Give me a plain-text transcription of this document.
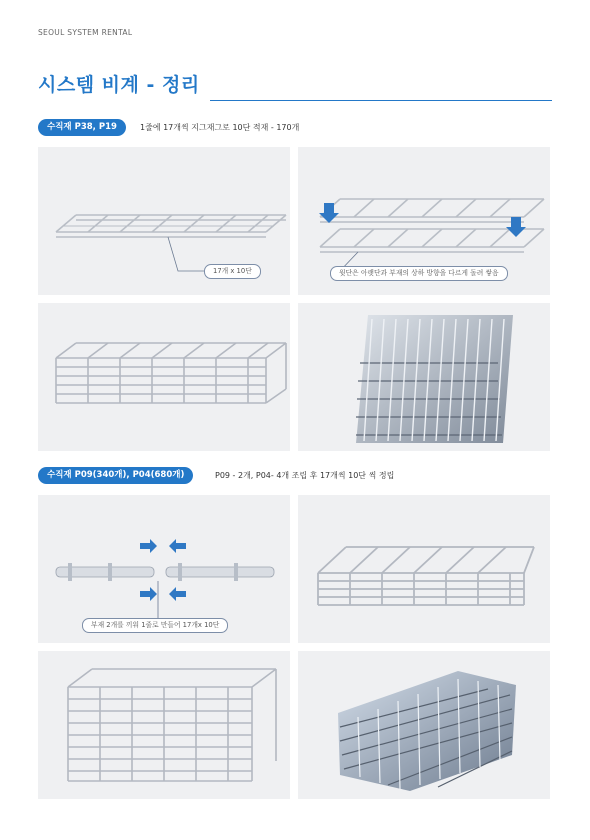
SEOUL SYSTEM RENTAL
시스템 비계 - 정리
수직재 P38, P19	1줄에 17개씩 지그재그로 10단 적재 - 170개
17개 x 10단	윗단은 아랫단과 부재의 상하 방향을 다르게 돌려 쌓음
수직재 P09(340개), P04(680개)	P09 - 2개, P04- 4개 조립 후 17개씩 10단 씩 정립
부재 2개를 끼워 1줄로 만들어 17개x 10단
